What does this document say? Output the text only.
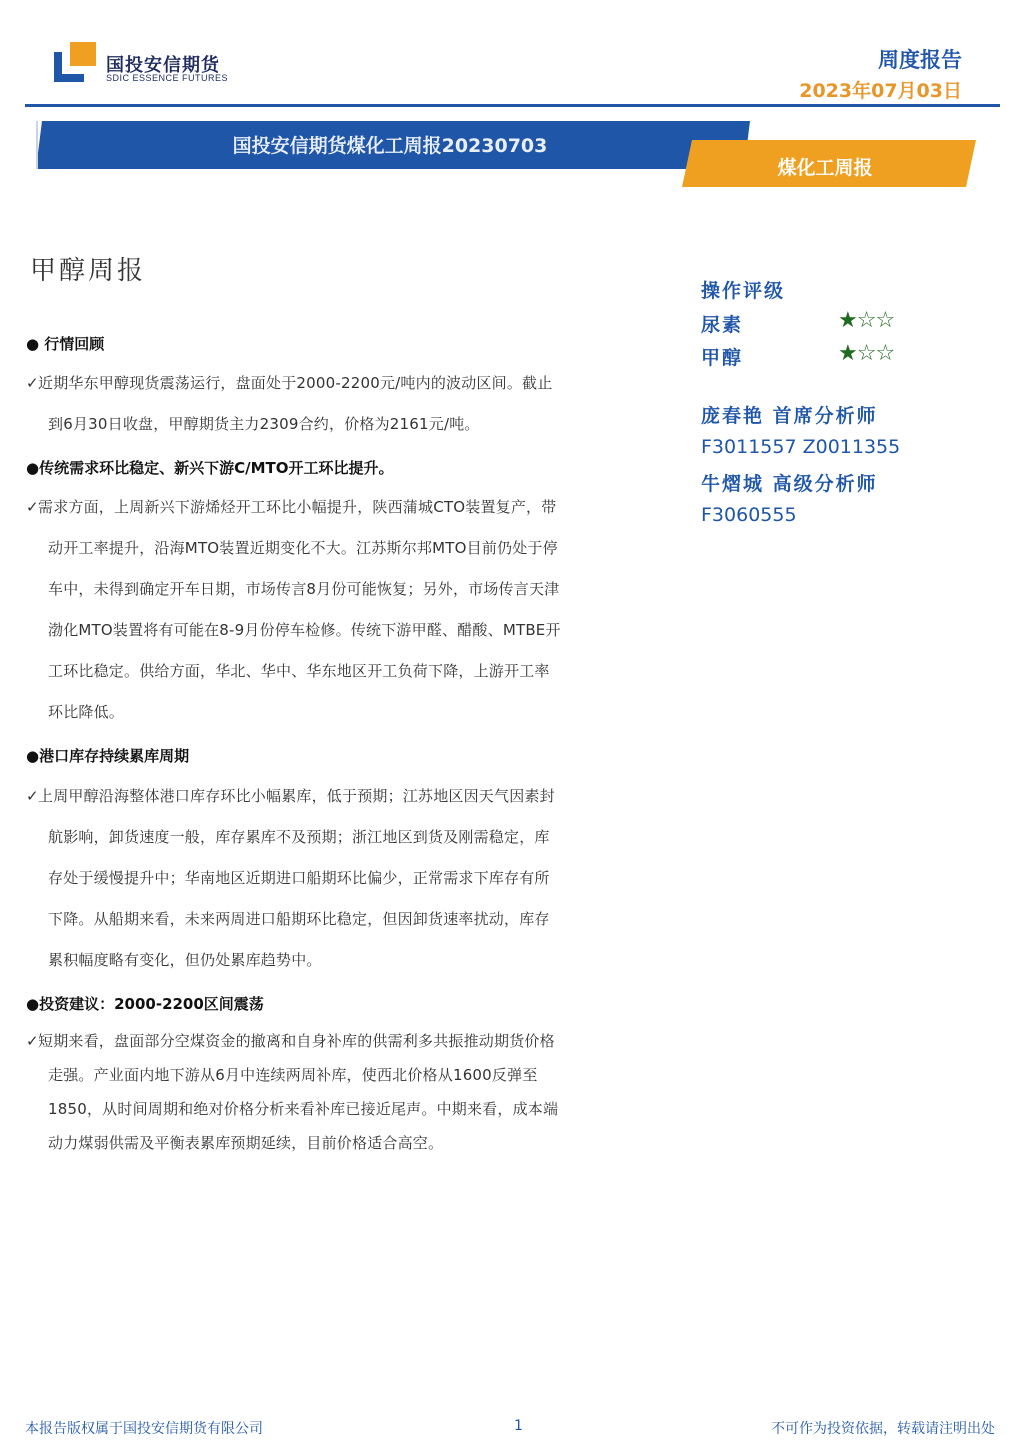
国投安信期货
SDIC ESSENCE FUTURES
周度报告
2023年07月03日
国投安信期货煤化工周报20230703
煤化工周报
甲醇周报
● 行情回顾
✓ 近期华东甲醇现货震荡运行，盘面处于2000-2200元/吨内的波动区间。截止
到6月30日收盘，甲醇期货主力2309合约，价格为2161元/吨。
●传统需求环比稳定、新兴下游C/MTO开工环比提升。
✓ 需求方面，上周新兴下游烯烃开工环比小幅提升，陕西蒲城CTO装置复产，带
动开工率提升，沿海MTO装置近期变化不大。江苏斯尔邦MTO目前仍处于停
车中，未得到确定开车日期，市场传言8月份可能恢复；另外，市场传言天津
渤化MTO装置将有可能在8-9月份停车检修。传统下游甲醛、醋酸、MTBE开
工环比稳定。供给方面，华北、华中、华东地区开工负荷下降，上游开工率
环比降低。
●港口库存持续累库周期
✓ 上周甲醇沿海整体港口库存环比小幅累库，低于预期；江苏地区因天气因素封
航影响，卸货速度一般，库存累库不及预期；浙江地区到货及刚需稳定，库
存处于缓慢提升中；华南地区近期进口船期环比偏少，正常需求下库存有所
下降。从船期来看，未来两周进口船期环比稳定，但因卸货速率扰动，库存
累积幅度略有变化，但仍处累库趋势中。
●投资建议：2000-2200区间震荡
✓ 短期来看，盘面部分空煤资金的撤离和自身补库的供需利多共振推动期货价格
走强。产业面内地下游从6月中连续两周补库，使西北价格从1600反弹至
1850，从时间周期和绝对价格分析来看补库已接近尾声。中期来看，成本端
动力煤弱供需及平衡表累库预期延续，目前价格适合高空。
操作评级
尿素	★☆☆
甲醇	★☆☆
庞春艳 首席分析师
F3011557 Z0011355
牛熠城 高级分析师
F3060555
本报告版权属于国投安信期货有限公司	1	不可作为投资依据，转载请注明出处
